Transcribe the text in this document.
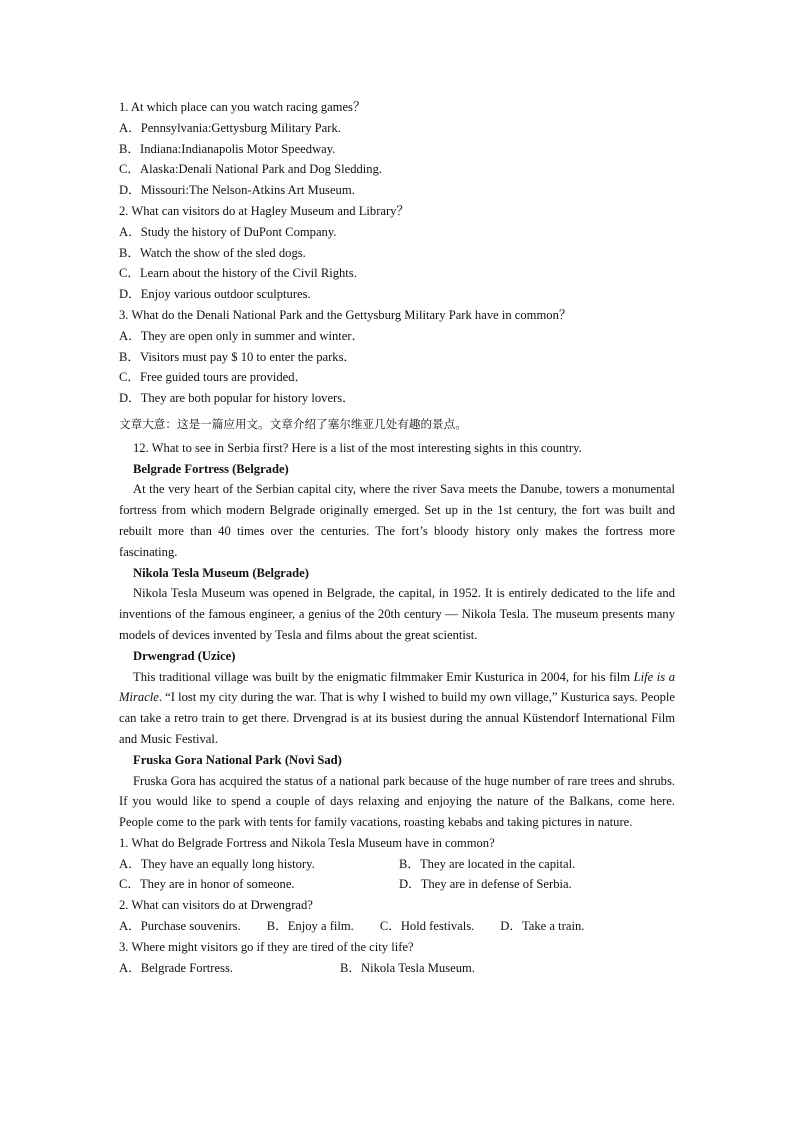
1. At which place can you watch racing games？
A．Pennsylvania:Gettysburg Military Park.
B．Indiana:Indianapolis Motor Speedway.
C．Alaska:Denali National Park and Dog Sledding.
D．Missouri:The Nelson-Atkins Art Museum.
2. What can visitors do at Hagley Museum and Library？
A．Study the history of DuPont Company.
B．Watch the show of the sled dogs.
C．Learn about the history of the Civil Rights.
D．Enjoy various outdoor sculptures.
3. What do the Denali National Park and the Gettysburg Military Park have in common？
A．They are open only in summer and winter．
B．Visitors must pay $ 10 to enter the parks．
C．Free guided tours are provided．
D．They are both popular for history lovers．
文章大意：这是一篇应用文。文章介绍了塞尔维亚几处有趣的景点。
12. What to see in Serbia first? Here is a list of the most interesting sights in this country.
Belgrade Fortress (Belgrade)

At the very heart of the Serbian capital city, where the river Sava meets the Danube, towers a monumental fortress from which modern Belgrade originally emerged. Set up in the 1st century, the fort was built and rebuilt more than 40 times over the centuries. The fort’s bloody history only makes the fortress more fascinating.

Nikola Tesla Museum (Belgrade)

Nikola Tesla Museum was opened in Belgrade, the capital, in 1952. It is entirely dedicated to the life and inventions of the famous engineer, a genius of the 20th century — Nikola Tesla. The museum presents many models of devices invented by Tesla and films about the great scientist.

Drwengrad (Uzice)

This traditional village was built by the enigmatic filmmaker Emir Kusturica in 2004, for his film Life is a Miracle. “I lost my city during the war. That is why I wished to build my own village,” Kusturica says. People can take a retro train to get there. Drvengrad is at its busiest during the annual Küstendorf International Film and Music Festival.

Fruska Gora National Park (Novi Sad)

Fruska Gora has acquired the status of a national park because of the huge number of rare trees and shrubs. If you would like to spend a couple of days relaxing and enjoying the nature of the Balkans, come here. People come to the park with tents for family vacations, roasting kebabs and taking pictures in nature.

1. What do Belgrade Fortress and Nikola Tesla Museum have in common?
A．They have an equally long history.	B．They are located in the capital.
C．They are in honor of someone.	D．They are in defense of Serbia.
2. What can visitors do at Drwengrad?
A．Purchase souvenirs. B．Enjoy a film. C．Hold festivals. D．Take a train.
3. Where might visitors go if they are tired of the city life?
A．Belgrade Fortress.	B．Nikola Tesla Museum.
